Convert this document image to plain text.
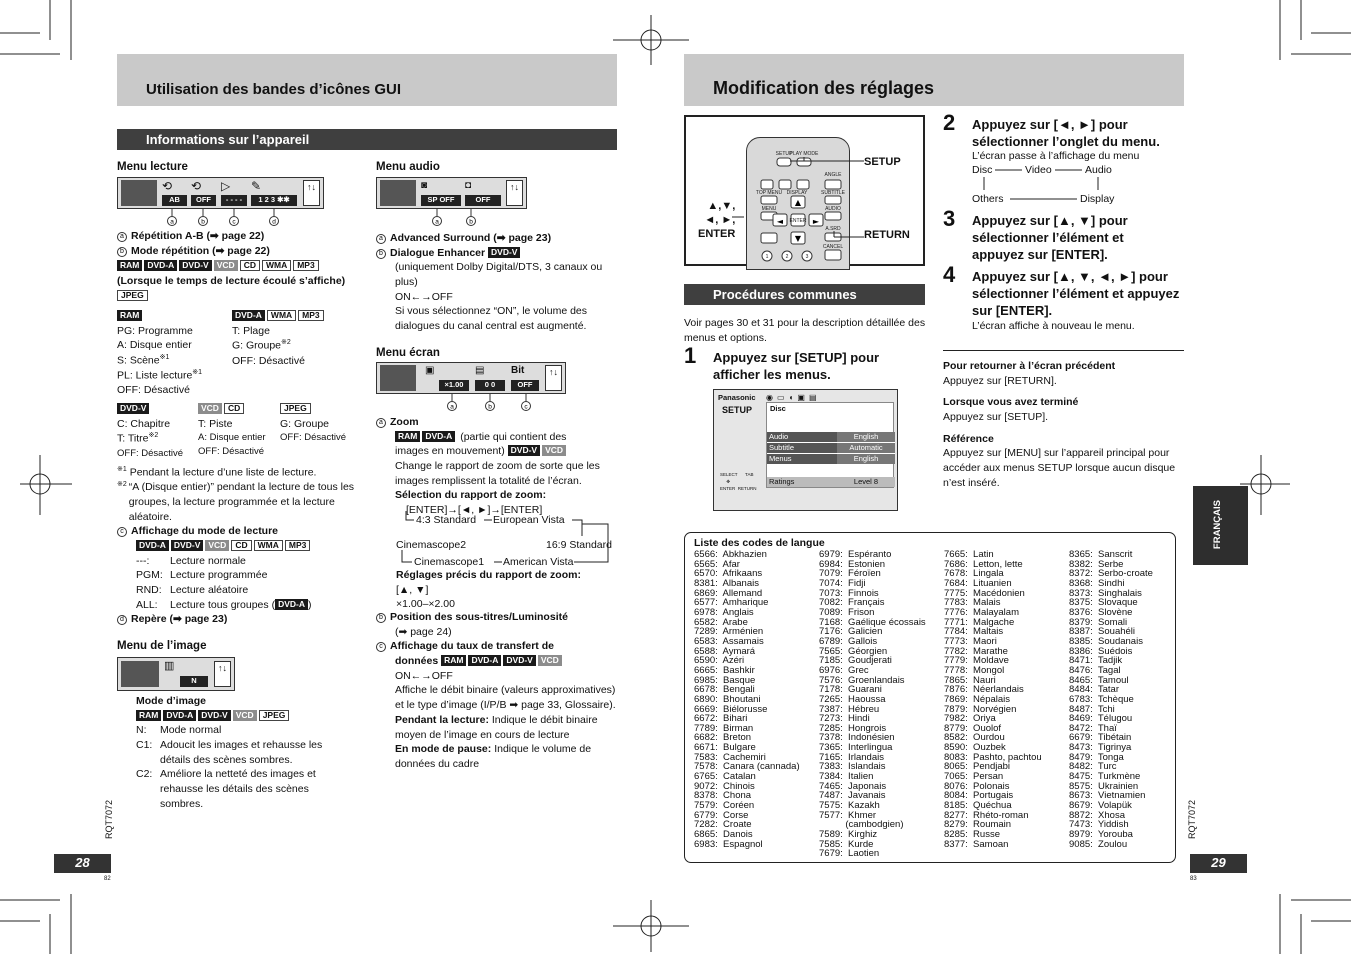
Utilisation des bandes d’icônes GUI
Informations sur l’appareil
Menu lecture
⟲ ⟲ ▷ ✎
AB	OFF	- - - -	1 2 3 ✱✱
↑↓
a	b	c	d
a Répétition A-B (➡ page 22)
b Mode répétition (➡ page 22)
RAM DVD-A DVD-V VCD CD WMA MP3
(Lorsque le temps de lecture écoulé s’affiche)
JPEG
RAM
PG: Programme
A: Disque entier
S: Scène$^{※1}$
PL: Liste lecture$^{※1}$
OFF: Désactivé
DVD-A WMA MP3
T: Plage
G: Groupe$^{※2}$
OFF: Désactivé
DVD-V
C: Chapitre
T: Titre$^{※2}$
OFF: Désactivé
VCD CD
T: Piste
A: Disque entier
OFF: Désactivé
JPEG
G: Groupe
OFF: Désactivé
$^{※1}$ Pendant la lecture d’une liste de lecture.
※2 “A (Disque entier)” pendant la lecture de tous les groupes, la lecture programmée et la lecture aléatoire.
c Affichage du mode de lecture
DVD-A DVD-V VCD CD WMA MP3
---: Lecture normale
PGM: Lecture programmée
RND: Lecture aléatoire
ALL: Lecture tous groupes ( DVD-A )
d Repère (➡ page 23)
Menu de l’image
▥
N
↑↓
Mode d’image
RAM DVD-A DVD-V VCD JPEG
N:	Mode normal
C1: Adoucit les images et rehausse les détails des scènes sombres.
C2: Améliore la netteté des images et rehausse les détails des scènes sombres.
Menu audio
◙	◘
SP OFF	OFF
↑↓
a	b
a Advanced Surround (➡ page 23)
b Dialogue Enhancer DVD-V
(uniquement Dolby Digital/DTS, 3 canaux ou plus)
ON←→OFF
Si vous sélectionnez “ON”, le volume des dialogues du canal central est augmenté.
Menu écran
▣	▤	Bit
×1.00	0 0	OFF
↑↓
a	b	c
a Zoom
RAM DVD-A (partie qui contient des
images en mouvement) DVD-V VCD
Change le rapport de zoom de sorte que les images remplissent la totalité de l’écran.
Sélection du rapport de zoom:
[ENTER]→[◄, ►]→[ENTER]
4:3 Standard European Vista
Cinemascope2	16:9 Standard
Cinemascope1 American Vista
Réglages précis du rapport de zoom:
[▲, ▼]
×1.00–×2.00
b Position des sous-titres/Luminosité
(➡ page 24)
c Affichage du taux de transfert de
données RAM DVD-A DVD-V VCD
ON←→OFF
Affiche le débit binaire (valeurs approximatives) et le type d’image (I/P/B ➡ page 33, Glossaire).
Pendant la lecture: Indique le débit binaire moyen de l’image en cours de lecture
En mode de pause: Indique le volume de données du cadre
RQT7072
28
82
Modification des réglages
SETUP
PLAY MODE
ANGLE
TOP MENU DISPLAY	SUBTITLE
MENU	AUDIO
A.SRD
CANCEL
ENTER
1	2	3
▲
◄	►
▼
SETUP
RETURN
▲,▼,
◄, ►,
ENTER
2 Appuyez sur [◄, ►] pour sélectionner l’onglet du menu.
L’écran passe à l’affichage du menu
Disc	Video	Audio
Others	Display
3 Appuyez sur [▲, ▼] pour sélectionner l’élément et appuyez sur [ENTER].
4 Appuyez sur [▲, ▼, ◄, ►] pour sélectionner l’élément et appuyez sur [ENTER].
L’écran affiche à nouveau le menu.
Procédures communes
Voir pages 30 et 31 pour la description détaillée des menus et options.
1 Appuyez sur [SETUP] pour afficher les menus.
Panasonic
SETUP
◉ ▭ ◖ ▣ ▤
Disc
Audio	English
Subtitle	Automatic
Menus	English
Ratings	Level 8
SELECT TAB
✥
ENTER RETURN
Pour retourner à l’écran précédent
Appuyez sur [RETURN].
Lorsque vous avez terminé
Appuyez sur [SETUP].
Référence
Appuyez sur [MENU] sur l’appareil principal pour accéder aux menus SETUP lorsque aucun disque n’est inséré.
Liste des codes de langue
6566:  Abkhazien
6565:  Afar
6570:  Afrikaans
8381:  Albanais
6869:  Allemand
6577:  Amharique
6978:  Anglais
6582:  Arabe
7289:  Arménien
6583:  Assamais
6588:  Aymará
6590:  Azéri
6665:  Bashkir
6985:  Basque
6678:  Bengali
6890:  Bhoutani
6669:  Biélorusse
6672:  Bihari
7789:  Birman
6682:  Breton
6671:  Bulgare
7583:  Cachemiri
7578:  Canara (cannada)
6765:  Catalan
9072:  Chinois
8378:  Chona
7579:  Coréen
6779:  Corse
7282:  Croate
6865:  Danois
6983:  Espagnol
6979:  Espéranto
6984:  Estonien
7079:  Féroïen
7074:  Fidji
7073:  Finnois
7082:  Français
7089:  Frison
7168:  Gaélique écossais
7176:  Galicien
6789:  Gallois
7565:  Géorgien
7185:  Goudjerati
6976:  Grec
7576:  Groenlandais
7178:  Guarani
7265:  Haoussa
7387:  Hébreu
7273:  Hindi
7285:  Hongrois
7378:  Indonésien
7365:  Interlingua
7165:  Irlandais
7383:  Islandais
7384:  Italien
7465:  Japonais
7487:  Javanais
7575:  Kazakh
7577:  Khmer
(cambodgien)
7589:  Kirghiz
7585:  Kurde
7679:  Laotien
7665:  Latin
7686:  Letton, lette
7678:  Lingala
7684:  Lituanien
7775:  Macédonien
7783:  Malais
7776:  Malayalam
7771:  Malgache
7784:  Maltais
7773:  Maori
7782:  Marathe
7779:  Moldave
7778:  Mongol
7865:  Nauri
7876:  Néerlandais
7869:  Népalais
7879:  Norvégien
7982:  Oriya
8779:  Ouolof
8582:  Ourdou
8590:  Ouzbek
8083:  Pashto, pachtou
8065:  Pendjabi
7065:  Persan
8076:  Polonais
8084:  Portugais
8185:  Quéchua
8277:  Rhéto-roman
8279:  Roumain
8285:  Russe
8377:  Samoan
8365:  Sanscrit
8382:  Serbe
8372:  Serbo-croate
8368:  Sindhi
8373:  Singhalais
8375:  Slovaque
8376:  Slovène
8379:  Somali
8387:  Souahéli
8385:  Soudanais
8386:  Suédois
8471:  Tadjik
8476:  Tagal
8465:  Tamoul
8484:  Tatar
6783:  Tchèque
8487:  Tchi
8469:  Télugou
8472:  Thaï
6679:  Tibétain
8473:  Tigrinya
8479:  Tonga
8482:  Turc
8475:  Turkmène
8575:  Ukrainien
8673:  Vietnamien
8679:  Volapük
8872:  Xhosa
7473:  Yiddish
8979:  Yorouba
9085:  Zoulou
FRANÇAIS
RQT7072
29
83
